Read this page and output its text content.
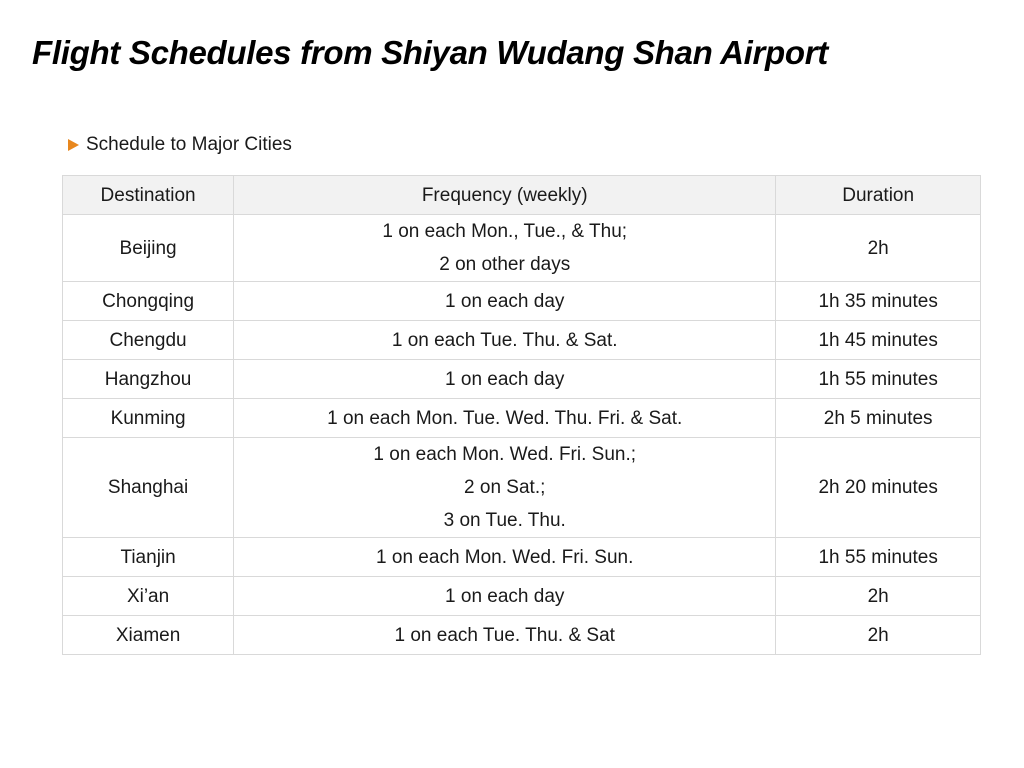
Flight Schedules from Shiyan Wudang Shan Airport
Schedule to Major Cities
Destination	Frequency (weekly)	Duration
Beijing	1 on each Mon., Tue., & Thu;
2 on other days	2h
Chongqing	1 on each day	1h 35 minutes
Chengdu	1 on each Tue. Thu. & Sat.	1h 45 minutes
Hangzhou	1 on each day	1h 55 minutes
Kunming	1 on each Mon. Tue. Wed. Thu. Fri. & Sat.	2h 5 minutes
Shanghai	1 on each Mon. Wed. Fri. Sun.;
2 on Sat.;
3 on Tue. Thu.	2h 20 minutes
Tianjin	1 on each Mon. Wed. Fri. Sun.	1h 55 minutes
Xi’an	1 on each day	2h
Xiamen	1 on each Tue. Thu. & Sat	2h
